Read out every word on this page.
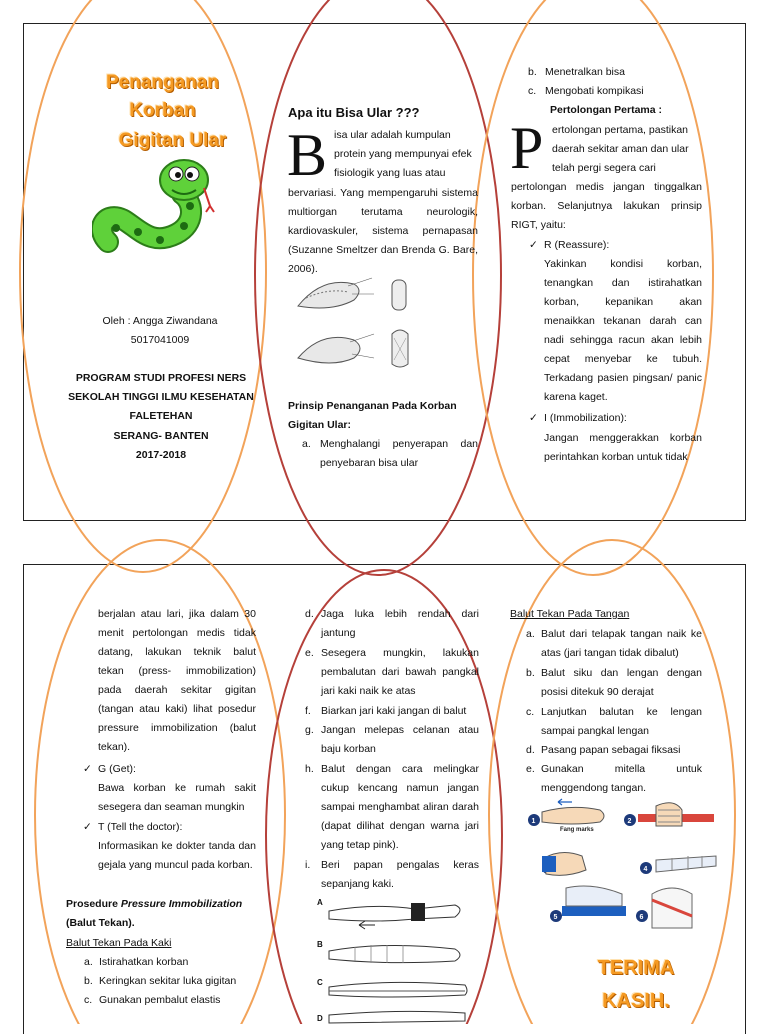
Penanganan
Korban
Gigitan Ular
Oleh : Angga Ziwandana
5017041009
PROGRAM STUDI PROFESI NERS
SEKOLAH TINGGI ILMU KESEHATAN
FALETEHAN
SERANG- BANTEN
2017-2018
Apa itu Bisa Ular ???
B isa ular adalah kumpulan
protein yang mempunyai efek
fisiologik yang luas atau
bervariasi. Yang mempengaruhi sistema multiorgan terutama neurologik, kardiovaskuler, sistema pernapasan (Suzanne Smeltzer dan Brenda G. Bare, 2006).
Prinsip Penanganan Pada Korban Gigitan Ular:
a. Menghalangi penyerapan dan penyebaran bisa ular
b. Menetralkan bisa
c. Mengobati kompikasi
Pertolongan Pertama :
P ertolongan pertama, pastikan
daerah sekitar aman dan ular
telah pergi segera cari
pertolongan medis jangan tinggalkan korban. Selanjutnya lakukan prinsip RIGT, yaitu:
✓ R (Reassure):
Yakinkan kondisi korban, tenangkan dan istirahatkan korban, kepanikan akan menaikkan tekanan darah can nadi sehingga racun akan lebih cepat menyebar ke tubuh. Terkadang pasien pingsan/ panic karena kaget.
✓ I (Immobilization):
Jangan menggerakkan korban perintahkan korban untuk tidak
berjalan atau lari, jika dalam 30 menit pertolongan medis tidak datang, lakukan teknik balut tekan (press- immobilization) pada daerah sekitar gigitan (tangan atau kaki) lihat posedur pressure immobilization (balut tekan).
✓ G (Get):
Bawa korban ke rumah sakit sesegera dan seaman mungkin
✓ T (Tell the doctor):
Informasikan ke dokter tanda dan gejala yang muncul pada korban.
Prosedure Pressure Immobilization
(Balut Tekan).
Balut Tekan Pada Kaki
a. Istirahatkan korban
b. Keringkan sekitar luka gigitan
c. Gunakan pembalut elastis
d. Jaga luka lebih rendah dari jantung
e. Sesegera mungkin, lakukan pembalutan dari bawah pangkal jari kaki naik ke atas
f. Biarkan jari kaki jangan di balut
g. Jangan melepas celanan atau baju korban
h. Balut dengan cara melingkar cukup kencang namun jangan sampai menghambat aliran darah (dapat dilihat dengan warna jari yang tetap pink).
i. Beri papan pengalas keras sepanjang kaki.
A
B
C
D
Balut Tekan Pada Tangan
a. Balut dari telapak tangan naik ke atas (jari tangan tidak dibalut)
b. Balut siku dan lengan dengan posisi ditekuk 90 derajat
c. Lanjutkan balutan ke lengan sampai pangkal lengan
d. Pasang papan sebagai fiksasi
e. Gunakan mitella untuk menggendong tangan.
1	2
4
5	6
Fang marks
TERIMA
KASIH.
